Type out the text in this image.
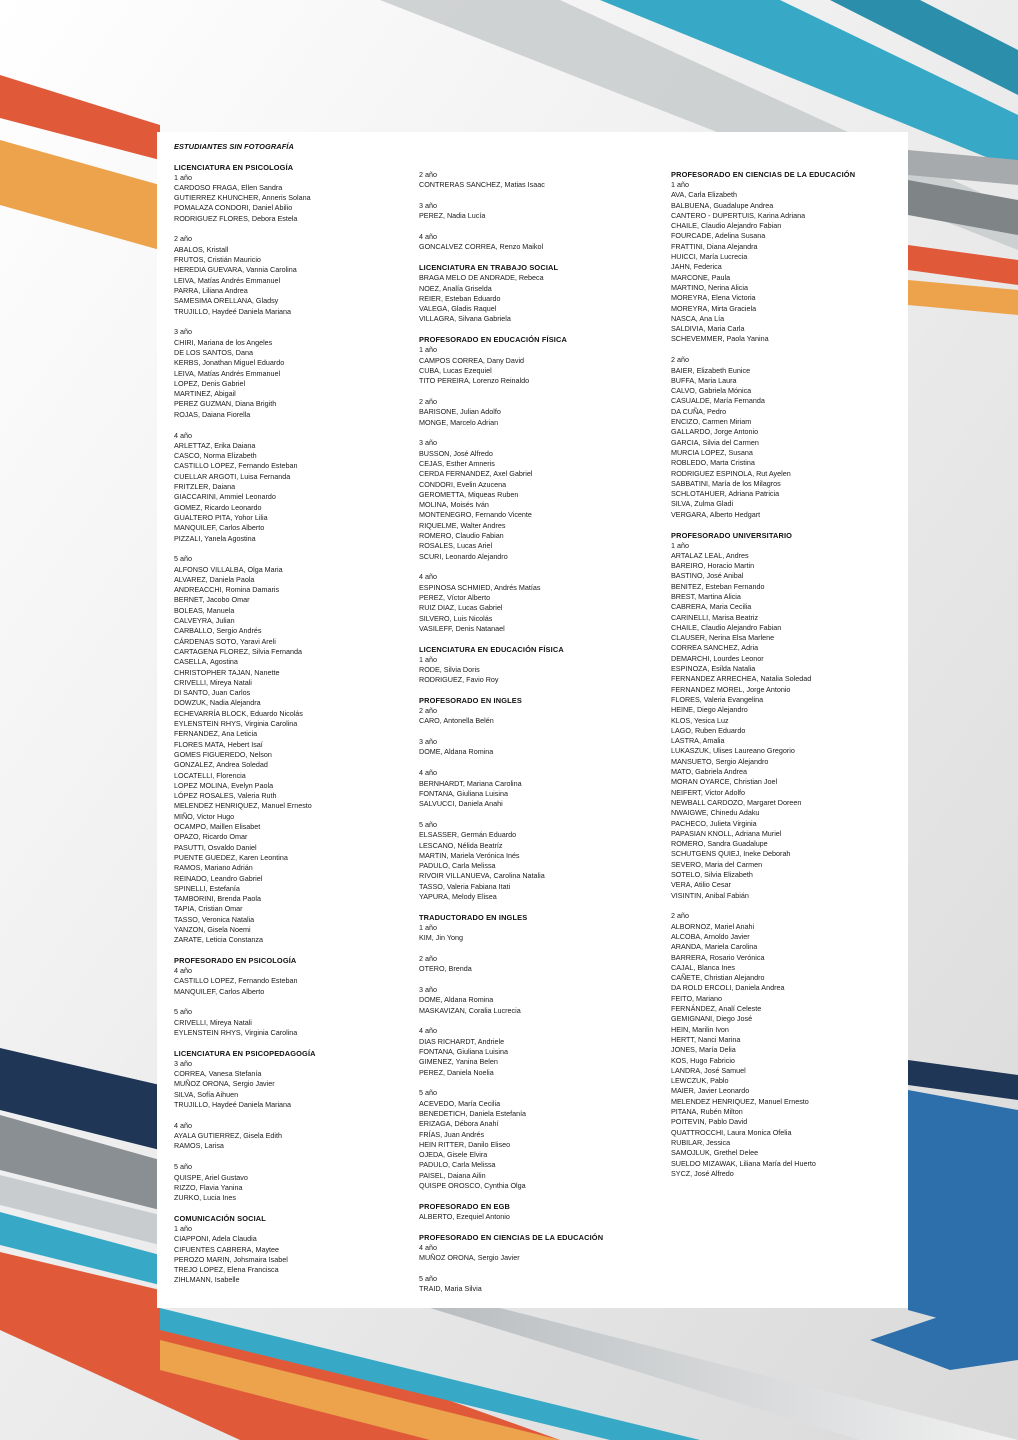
ESTUDIANTES SIN FOTOGRAFÍA
LICENCIATURA EN PSICOLOGÍA
1 año
CARDOSO FRAGA, Ellen Sandra
GUTIERREZ KHUNCHER, Anneris Solana
POMALAZA CONDORI, Daniel Abilio
RODRIGUEZ FLORES, Debora Estela
2 año
ABALOS, Kristall
FRUTOS, Cristián Mauricio
HEREDIA GUEVARA, Vannia Carolina
LEIVA, Matías Andrés Emmanuel
PARRA, Liliana Andrea
SAMESIMA ORELLANA, Gladsy
TRUJILLO, Haydeé Daniela Mariana
3 año
CHIRI, Mariana de los Angeles
DE LOS SANTOS, Dana
KERBS, Jonathan Miguel Eduardo
LEIVA, Matías Andrés Emmanuel
LOPEZ, Denis Gabriel
MARTINEZ, Abigail
PEREZ GUZMAN, Diana Brigith
ROJAS, Daiana Fiorella
4 año
ARLETTAZ, Erika Daiana
CASCO, Norma Elizabeth
CASTILLO LOPEZ, Fernando Esteban
CUELLAR ARGOTI, Luisa Fernanda
FRITZLER, Daiana
GIACCARINI, Ammiel Leonardo
GOMEZ, Ricardo Leonardo
GUALTERO PITA, Yohor Lilia
MANQUILEF, Carlos Alberto
PIZZALI, Yanela Agostina
5 año
ALFONSO VILLALBA, Olga Maria
ALVAREZ, Daniela Paola
ANDREACCHI, Romina Damaris
BERNET, Jacobo Omar
BOLEAS, Manuela
CALVEYRA, Julian
CARBALLO, Sergio Andrés
CÁRDENAS SOTO, Yaravi Areli
CARTAGENA FLOREZ, Silvia Fernanda
CASELLA, Agostina
CHRISTOPHER TAJAN, Nanette
CRIVELLI, Mireya Natali
DI SANTO, Juan Carlos
DOWZUK, Nadia Alejandra
ECHEVARRÍA BLOCK, Eduardo Nicolás
EYLENSTEIN RHYS, Virginia Carolina
FERNANDEZ, Ana Leticia
FLORES MATA, Hebert Isaí
GOMES FIGUEREDO, Nelson
GONZALEZ, Andrea Soledad
LOCATELLI, Florencia
LOPEZ MOLINA, Evelyn Paola
LÓPEZ ROSALES, Valeria Ruth
MELENDEZ HENRIQUEZ, Manuel Ernesto
MIÑO, Victor Hugo
OCAMPO, Maillen Elisabet
OPAZO, Ricardo Omar
PASUTTI, Osvaldo Daniel
PUENTE GUEDEZ, Karen Leontina
RAMOS, Mariano Adrián
REINADO, Leandro Gabriel
SPINELLI, Estefanía
TAMBORINI, Brenda Paola
TAPIA, Cristian Omar
TASSO, Veronica Natalia
YANZON, Gisela Noemi
ZARATE, Leticia Constanza
PROFESORADO EN PSICOLOGÍA
4 año
CASTILLO LOPEZ, Fernando Esteban
MANQUILEF, Carlos Alberto
5 año
CRIVELLI, Mireya Natali
EYLENSTEIN RHYS, Virginia Carolina
LICENCIATURA EN PSICOPEDAGOGÍA
3 año
CORREA, Vanesa Stefanía
MUÑOZ ORONA, Sergio Javier
SILVA, Sofía Aihuen
TRUJILLO, Haydeé Daniela Mariana
4 año
AYALA GUTIERREZ, Gisela Edith
RAMOS, Larisa
5 año
QUISPE, Ariel Gustavo
RIZZO, Flavia Yanina
ZURKO, Lucia Ines
COMUNICACIÓN SOCIAL
1 año
CIAPPONI, Adela Claudia
CIFUENTES CABRERA, Maytee
PEROZO MARIN, Johsmaira Isabel
TREJO LOPEZ, Elena Francisca
ZIHLMANN, Isabelle
2 año
CONTRERAS SANCHEZ, Matias Isaac
3 año
PEREZ, Nadia Lucía
4 año
GONCALVEZ CORREA, Renzo Maikol
LICENCIATURA EN TRABAJO SOCIAL
BRAGA MELO DE ANDRADE, Rebeca
NOEZ, Analía Griselda
REIER, Esteban Eduardo
VALEGA, Gladis Raquel
VILLAGRA, Silvana Gabriela
PROFESORADO EN EDUCACIÓN FÍSICA
1 año
CAMPOS CORREA, Dany David
CUBA, Lucas Ezequiel
TITO PEREIRA, Lorenzo Reinaldo
2 año
BARISONE, Julian Adolfo
MONGE, Marcelo Adrian
3 año
BUSSON, José Alfredo
CEJAS, Esther Amneris
CERDA FERNANDEZ, Axel Gabriel
CONDORI, Evelin Azucena
GEROMETTA, Miqueas Ruben
MOLINA, Moisés Iván
MONTENEGRO, Fernando Vicente
RIQUELME, Walter Andres
ROMERO, Claudio Fabian
ROSALES, Lucas Ariel
SCURI, Leonardo Alejandro
4 año
ESPINOSA SCHMIED, Andrés Matías
PEREZ, Víctor Alberto
RUIZ DIAZ, Lucas Gabriel
SILVERO, Luis Nicolás
VASILEFF, Denis Natanael
LICENCIATURA EN EDUCACIÓN FÍSICA
1 año
RODE, Silvia Doris
RODRIGUEZ, Favio Roy
PROFESORADO EN INGLES
2 año
CARO, Antonella Belén
3 año
DOME, Aldana Romina
4 año
BERNHARDT, Mariana Carolina
FONTANA, Giuliana Luisina
SALVUCCI, Daniela Anahi
5 año
ELSASSER, Germán Eduardo
LESCANO, Nélida Beatríz
MARTIN, Mariela Verónica Inés
PADULO, Carla Melissa
RIVOIR VILLANUEVA, Carolina Natalia
TASSO, Valeria Fabiana Itati
YAPURA, Melody Elisea
TRADUCTORADO EN INGLES
1 año
KIM, Jin Yong
2 año
OTERO, Brenda
3 año
DOME, Aldana Romina
MASKAVIZAN, Coralia Lucrecia
4 año
DIAS RICHARDT, Andriele
FONTANA, Giuliana Luisina
GIMENEZ, Yanina Belen
PEREZ, Daniela Noelia
5 año
ACEVEDO, María Cecilia
BENEDETICH, Daniela Estefanía
ERIZAGA, Débora Anahí
FRÍAS, Juan Andrés
HEIN RITTER, Danilo Eliseo
OJEDA, Gisele Elvira
PADULO, Carla Melissa
PAISEL, Daiana Ailin
QUISPE OROSCO, Cynthia Olga
PROFESORADO EN EGB
ALBERTO, Ezequiel Antonio
PROFESORADO EN CIENCIAS DE LA EDUCACIÓN
4 año
MUÑOZ ORONA, Sergio Javier
5 año
TRAID, Maria Silvia
PROFESORADO EN CIENCIAS DE LA EDUCACIÓN
1 año
AVA, Carla Elizabeth
BALBUENA, Guadalupe Andrea
CANTERO - DUPERTUIS, Karina Adriana
CHAILE, Claudio Alejandro Fabian
FOURCADE, Adelina Susana
FRATTINI, Diana Alejandra
HUICCI, María Lucrecia
JAHN, Federica
MARCONE, Paula
MARTINO, Nerina Alicia
MOREYRA, Elena Victoria
MOREYRA, Mirta Graciela
NASCA, Ana Lía
SALDIVIA, Maria Carla
SCHEVEMMER, Paola Yanina
2 año
BAIER, Elizabeth Eunice
BUFFA, Maria Laura
CALVO, Gabriela Mónica
CASUALDE, María Fernanda
DA CUÑA, Pedro
ENCIZO, Carmen Miriam
GALLARDO, Jorge Antonio
GARCIA, Silvia del Carmen
MURCIA LOPEZ, Susana
ROBLEDO, Marta Cristina
RODRIGUEZ ESPINOLA, Rut Ayelen
SABBATINI, María de los Milagros
SCHLOTAHUER, Adriana Patricia
SILVA, Zulma Gladi
VERGARA, Alberto Hedgart
PROFESORADO UNIVERSITARIO
1 año
ARTALAZ LEAL, Andres
BAREIRO, Horacio Martin
BASTINO, José Anibal
BENITEZ, Esteban Fernando
BREST, Martina Alicia
CABRERA, Maria Cecilia
CARINELLI, Marisa Beatriz
CHAILE, Claudio Alejandro Fabian
CLAUSER, Nerina Elsa Marlene
CORREA SANCHEZ, Adria
DEMARCHI, Lourdes Leonor
ESPINOZA, Esilda Natalia
FERNANDEZ ARRECHEA, Natalia Soledad
FERNANDEZ MOREL, Jorge Antonio
FLORES, Valeria Evangelina
HEINE, Diego Alejandro
KLOS, Yesica Luz
LAGO, Ruben Eduardo
LASTRA, Amalia
LUKASZUK, Ulises Laureano Gregorio
MANSUETO, Sergio Alejandro
MATO, Gabriela Andrea
MORAN OYARCE, Christian Joel
NEIFERT, Victor Adolfo
NEWBALL CARDOZO, Margaret Doreen
NWAIGWE, Chinedu Adaku
PACHECO, Julieta Virginia
PAPASIAN KNOLL, Adriana Muriel
ROMERO, Sandra Guadalupe
SCHUTGENS QUIEJ, Ineke Deborah
SEVERO, Maria del Carmen
SOTELO, Silvia Elizabeth
VERA, Atilio Cesar
VISINTIN, Anibal Fabián
2 año
ALBORNOZ, Mariel Anahi
ALCOBA, Arnoldo Javier
ARANDA, Mariela Carolina
BARRERA, Rosario Verónica
CAJAL, Blanca Ines
CAÑETE, Christian Alejandro
DA ROLD ERCOLI, Daniela Andrea
FEITO, Mariano
FERNÁNDEZ, Analí Celeste
GEMIGNANI, Diego José
HEIN, Marilin Ivon
HERTT, Nanci Marina
JONES, María Delia
KOS, Hugo Fabricio
LANDRA, José Samuel
LEWCZUK, Pablo
MAIER, Javier Leonardo
MELENDEZ HENRIQUEZ, Manuel Ernesto
PITANA, Rubén Milton
POITEVIN, Pablo David
QUATTROCCHI, Laura Monica Ofelia
RUBILAR, Jessica
SAMOJLUK, Grethel Delee
SUELDO MIZAWAK, Liliana María del Huerto
SYCZ, José Alfredo
